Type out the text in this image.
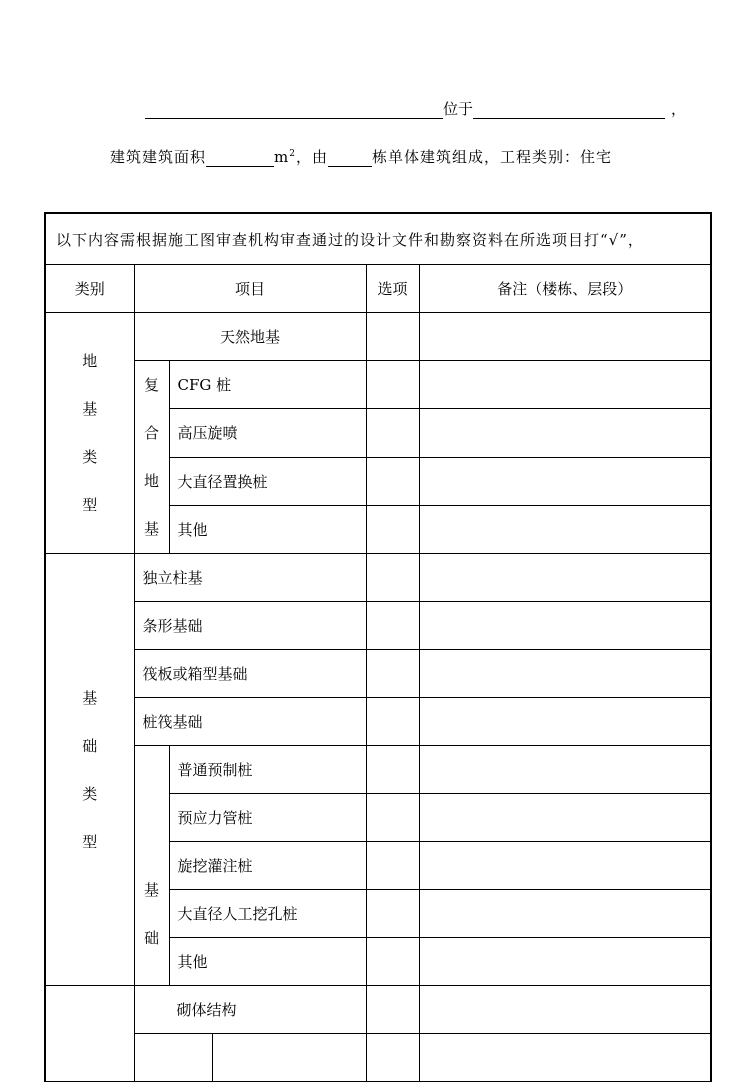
位于	，
建筑建筑面积	$m^2$，由	栋单体建筑组成，工程类别：住宅
以下内容需根据施工图审查机构审查通过的设计文件和勘察资料在所选项目打“√”，					
类别	项目			选项	备注（楼栋、层段）

地
基
类
型	天然地基				

	复
合
地
基	CFG 桩			
		高压旋喷			
		大直径置换桩			
		其他			

基
础
类
型	独立柱基				
	条形基础				
	筏板或箱型基础				
	桩筏基础				

	基
础	普通预制桩			
		预应力管桩			
		旋挖灌注桩			
		大直径人工挖孔桩			
		其他			
	砌体结构				
